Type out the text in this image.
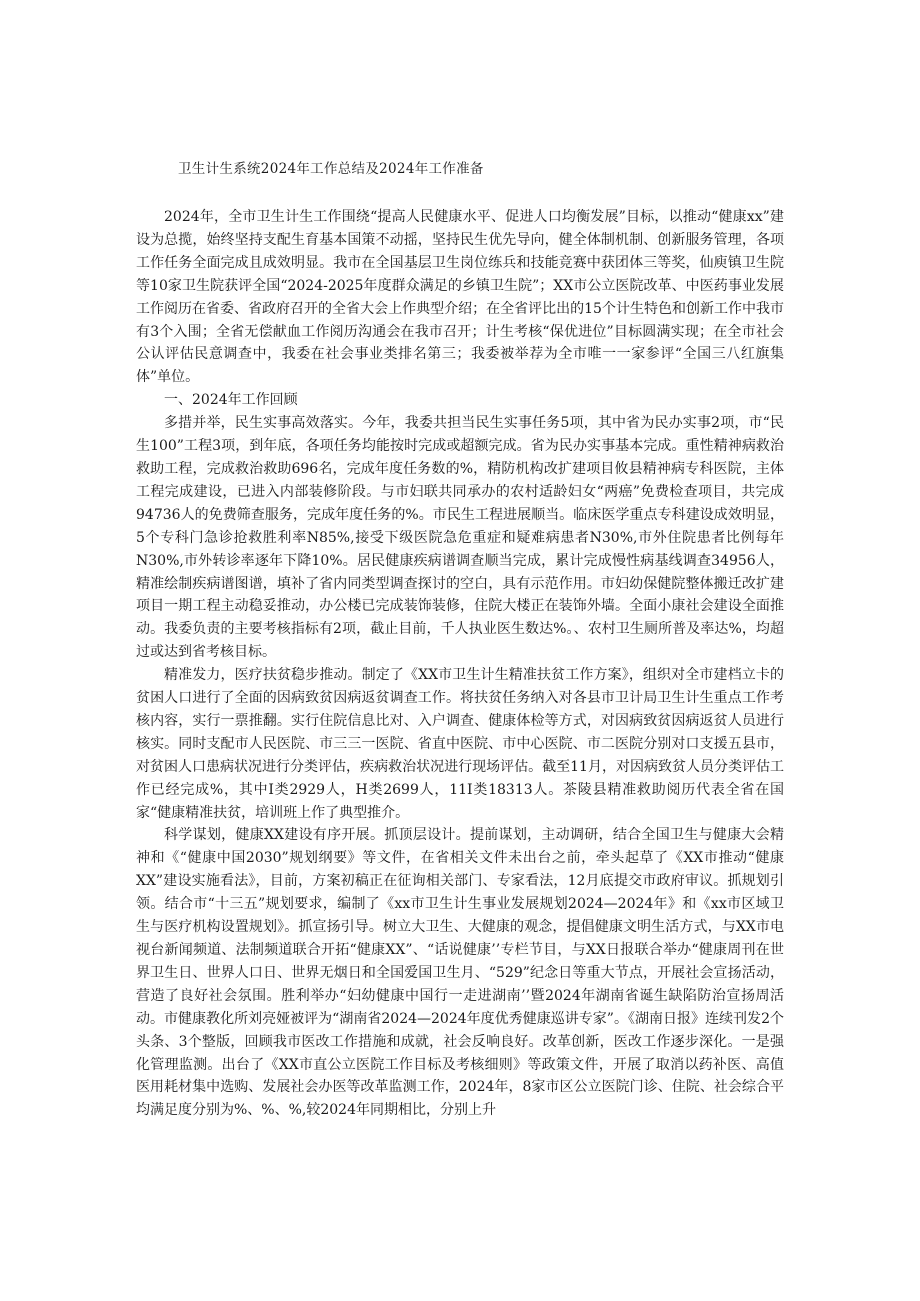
卫生计生系统2024年工作总结及2024年工作准备

2024年，全市卫生计生工作围绕“提高人民健康水平、促进人口均衡发展”目标，以推动“健康xx”建设为总揽，始终坚持支配生育基本国策不动摇，坚持民生优先导向，健全体制机制、创新服务管理，各项工作任务全面完成且成效明显。我市在全国基层卫生岗位练兵和技能竞赛中获团体三等奖，仙庾镇卫生院等10家卫生院获评全国“2024-2025年度群众满足的乡镇卫生院”；XX市公立医院改革、中医药事业发展工作阅历在省委、省政府召开的全省大会上作典型介绍；在全省评比出的15个计生特色和创新工作中我市有3个入围；全省无偿献血工作阅历沟通会在我市召开；计生考核“保优进位”目标圆满实现；在全市社会公认评估民意调查中，我委在社会事业类排名第三；我委被举荐为全市唯一一家参评“全国三八红旗集体”单位。

一、2024年工作回顾

多措并举，民生实事高效落实。今年，我委共担当民生实事任务5项，其中省为民办实事2项，市“民生100”工程3项，到年底，各项任务均能按时完成或超额完成。省为民办实事基本完成。重性精神病救治救助工程，完成救治救助696名，完成年度任务数的%，精防机构改扩建项目攸县精神病专科医院，主体工程完成建设，已进入内部装修阶段。与市妇联共同承办的农村适龄妇女“两癌”免费检查项目，共完成94736人的免费筛查服务，完成年度任务的%。市民生工程进展顺当。临床医学重点专科建设成效明显，5个专科门急诊抢救胜利率N85%,接受下级医院急危重症和疑难病患者N30%,市外住院患者比例每年N30%,市外转诊率逐年下降10%。居民健康疾病谱调查顺当完成，累计完成慢性病基线调查34956人，精准绘制疾病谱图谱，填补了省内同类型调查探讨的空白，具有示范作用。市妇幼保健院整体搬迁改扩建项目一期工程主动稳妥推动，办公楼已完成装饰装修，住院大楼正在装饰外墙。全面小康社会建设全面推动。我委负责的主要考核指标有2项，截止目前，千人执业医生数达%。、农村卫生厕所普及率达%，均超过或达到省考核目标。

精准发力，医疗扶贫稳步推动。制定了《XX市卫生计生精准扶贫工作方案》，组织对全市建档立卡的贫困人口进行了全面的因病致贫因病返贫调查工作。将扶贫任务纳入对各县市卫计局卫生计生重点工作考核内容，实行一票推翻。实行住院信息比对、入户调查、健康体检等方式，对因病致贫因病返贫人员进行核实。同时支配市人民医院、市三三一医院、省直中医院、市中心医院、市二医院分别对口支援五县市，对贫困人口患病状况进行分类评估，疾病救治状况进行现场评估。截至11月，对因病致贫人员分类评估工作已经完成%，其中I类2929人，H类2699人，11I类18313人。茶陵县精准救助阅历代表全省在国家“健康精准扶贫，培训班上作了典型推介。

科学谋划，健康XX建设有序开展。抓顶层设计。提前谋划，主动调研，结合全国卫生与健康大会精神和《“健康中国2030”规划纲要》等文件，在省相关文件未出台之前，牵头起草了《XX市推动“健康XX”建设实施看法》，目前，方案初稿正在征询相关部门、专家看法，12月底提交市政府审议。抓规划引领。结合市“十三五”规划要求，编制了《xx市卫生计生事业发展规划2024—2024年》和《xx市区域卫生与医疗机构设置规划》。抓宣扬引导。树立大卫生、大健康的观念，提倡健康文明生活方式，与XX市电视台新闻频道、法制频道联合开拓“健康XX”、“话说健康’’专栏节目，与XX日报联合举办“健康周刊在世界卫生日、世界人口日、世界无烟日和全国爱国卫生月、“529”纪念日等重大节点，开展社会宣扬活动，营造了良好社会氛围。胜利举办“妇幼健康中国行一走进湖南’’暨2024年湖南省诞生缺陷防治宣扬周活动。市健康教化所刘亮娅被评为“湖南省2024—2024年度优秀健康巡讲专家”。《湖南日报》连续刊发2个头条、3个整版，回顾我市医改工作措施和成就，社会反响良好。改革创新，医改工作逐步深化。一是强化管理监测。出台了《XX市直公立医院工作目标及考核细则》等政策文件，开展了取消以药补医、高值医用耗材集中选购、发展社会办医等改革监测工作，2024年，8家市区公立医院门诊、住院、社会综合平均满足度分别为%、%、%,较2024年同期相比，分别上升
